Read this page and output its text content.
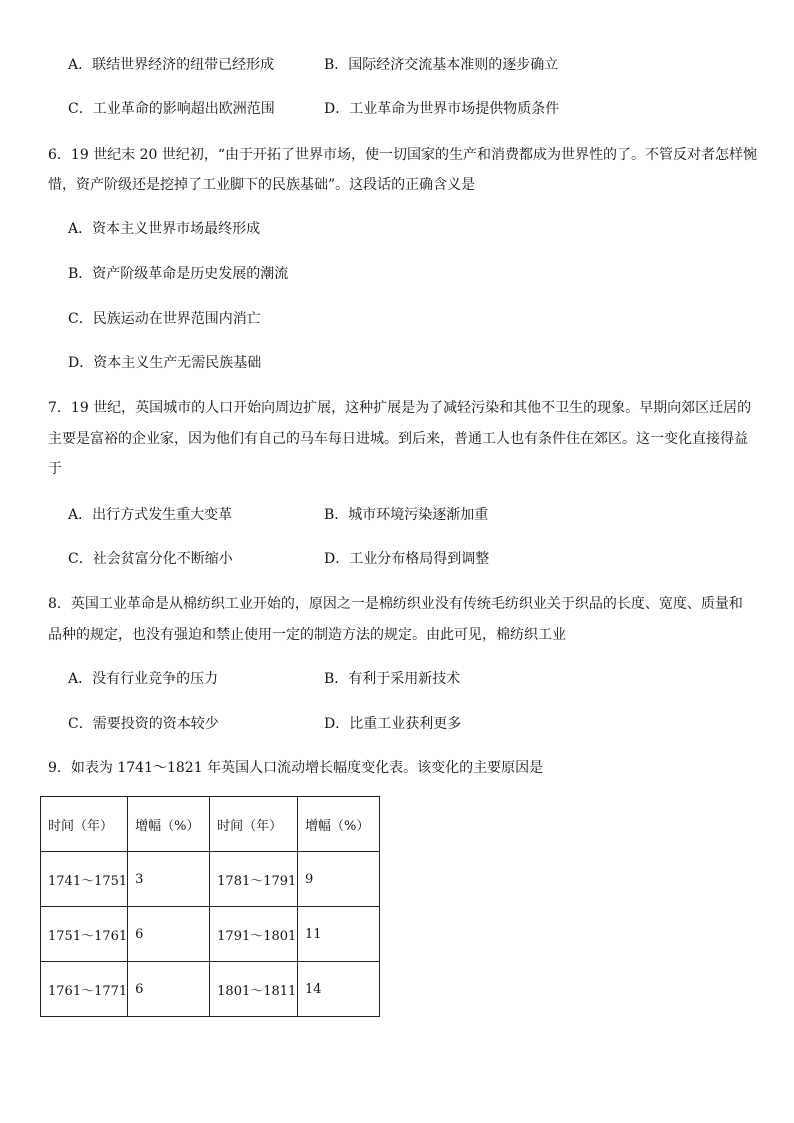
A．联结世界经济的纽带已经形成	B．国际经济交流基本准则的逐步确立
C．工业革命的影响超出欧洲范围	D．工业革命为世界市场提供物质条件
6．19 世纪末 20 世纪初，“由于开拓了世界市场，使一切国家的生产和消费都成为世界性的了。不管反对者怎样惋
惜，资产阶级还是挖掉了工业脚下的民族基础”。这段话的正确含义是
A．资本主义世界市场最终形成
B．资产阶级革命是历史发展的潮流
C．民族运动在世界范围内消亡
D．资本主义生产无需民族基础
7．19 世纪，英国城市的人口开始向周边扩展，这种扩展是为了减轻污染和其他不卫生的现象。早期向郊区迁居的
主要是富裕的企业家，因为他们有自己的马车每日进城。到后来，普通工人也有条件住在郊区。这一变化直接得益
于
A．出行方式发生重大变革	B．城市环境污染逐渐加重
C．社会贫富分化不断缩小	D．工业分布格局得到调整
8．英国工业革命是从棉纺织工业开始的，原因之一是棉纺织业没有传统毛纺织业关于织品的长度、宽度、质量和
品种的规定，也没有强迫和禁止使用一定的制造方法的规定。由此可见，棉纺织工业
A．没有行业竞争的压力	B．有利于采用新技术
C．需要投资的资本较少	D．比重工业获利更多
9．如表为 1741～1821 年英国人口流动增长幅度变化表。该变化的主要原因是
时间（年）	增幅（%）	时间（年）	增幅（%）
1741～1751	3	1781～1791	9
1751～1761	6	1791～1801	11
1761～1771	6	1801～1811	14
